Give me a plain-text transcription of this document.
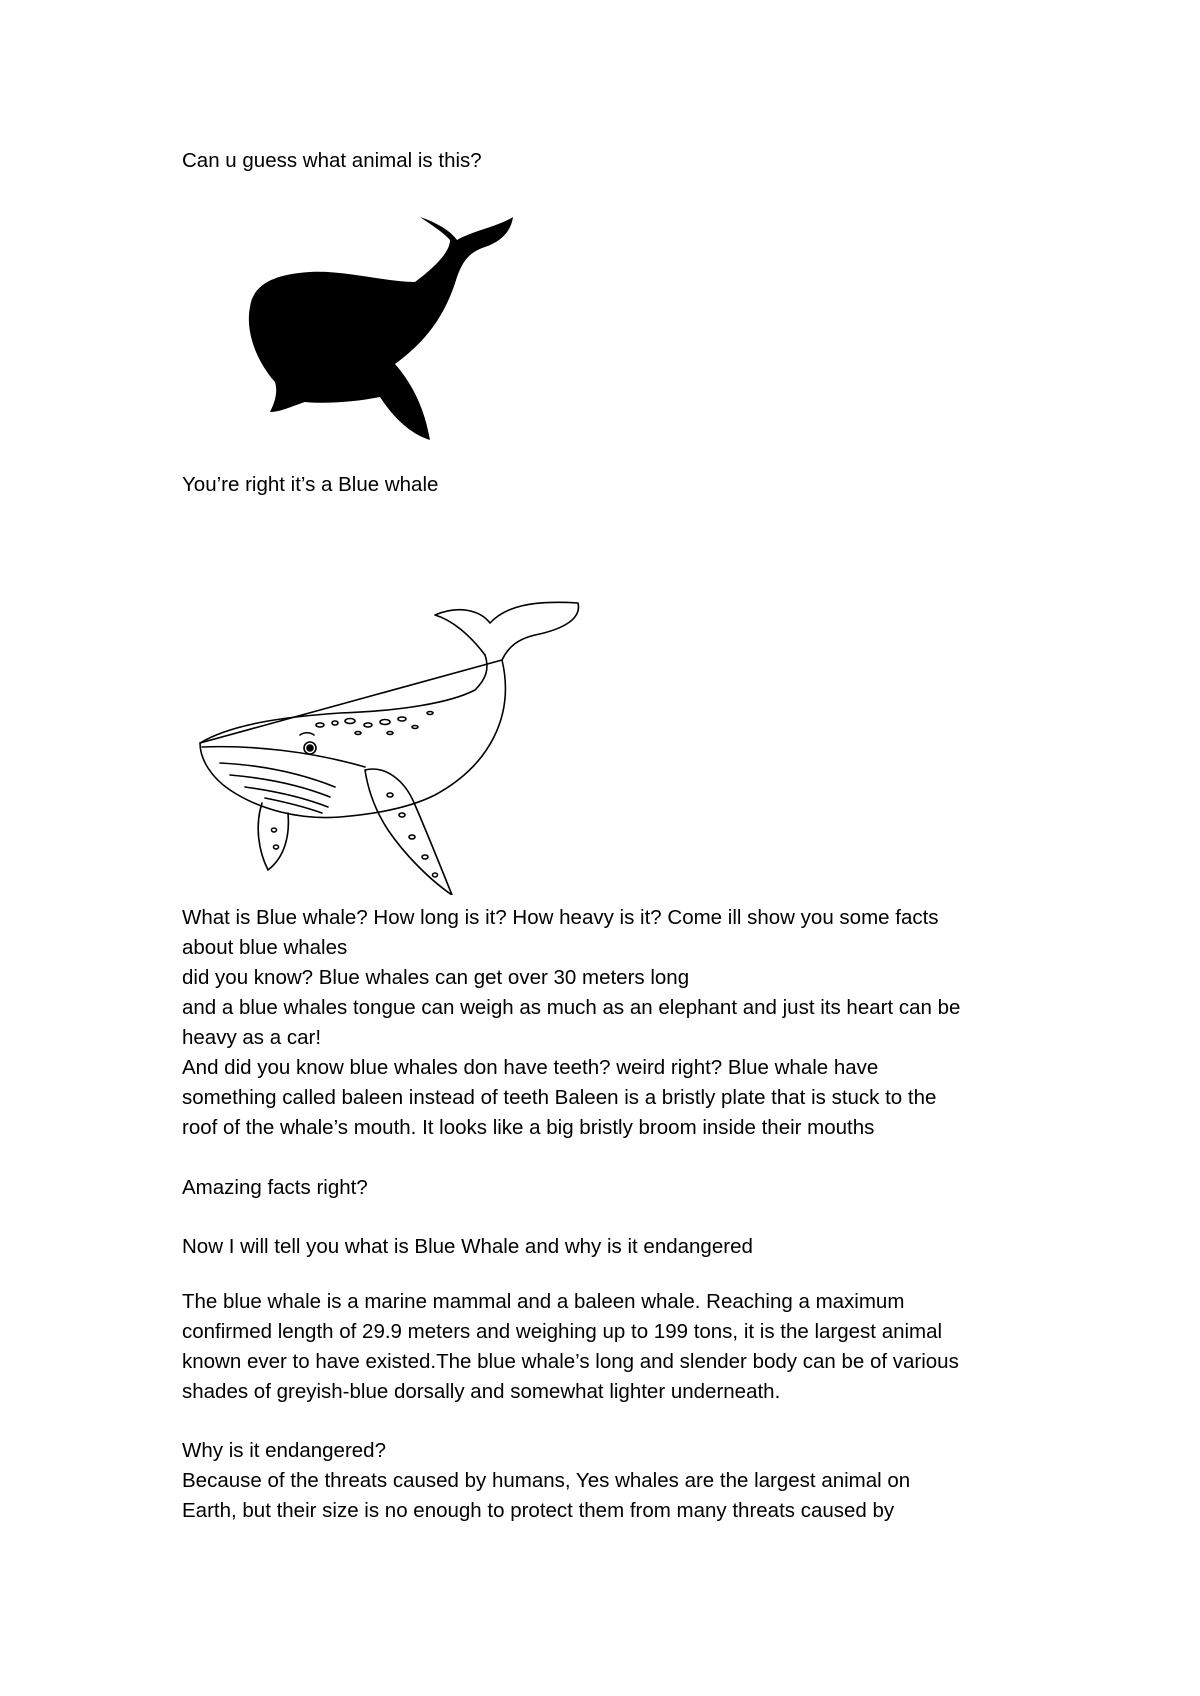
Can u guess what animal is this?
You’re right it’s a Blue whale
What is Blue whale? How long is it? How heavy is it? Come ill show you some facts
about blue whales
did you know? Blue whales can get over 30 meters long
and a blue whales tongue can weigh as much as an elephant and just its heart can be
heavy as a car!
And did you know blue whales don have teeth? weird right? Blue whale have
something called baleen instead of teeth Baleen is a bristly plate that is stuck to the
roof of the whale’s mouth. It looks like a big bristly broom inside their mouths
Amazing facts right?
Now I will tell you what is Blue Whale and why is it endangered
The blue whale is a marine mammal and a baleen whale. Reaching a maximum
confirmed length of 29.9 meters and weighing up to 199 tons, it is the largest animal
known ever to have existed.The blue whale’s long and slender body can be of various
shades of greyish-blue dorsally and somewhat lighter underneath.
Why is it endangered?
Because of the threats caused by humans, Yes whales are the largest animal on
Earth, but their size is no enough to protect them from many threats caused by
